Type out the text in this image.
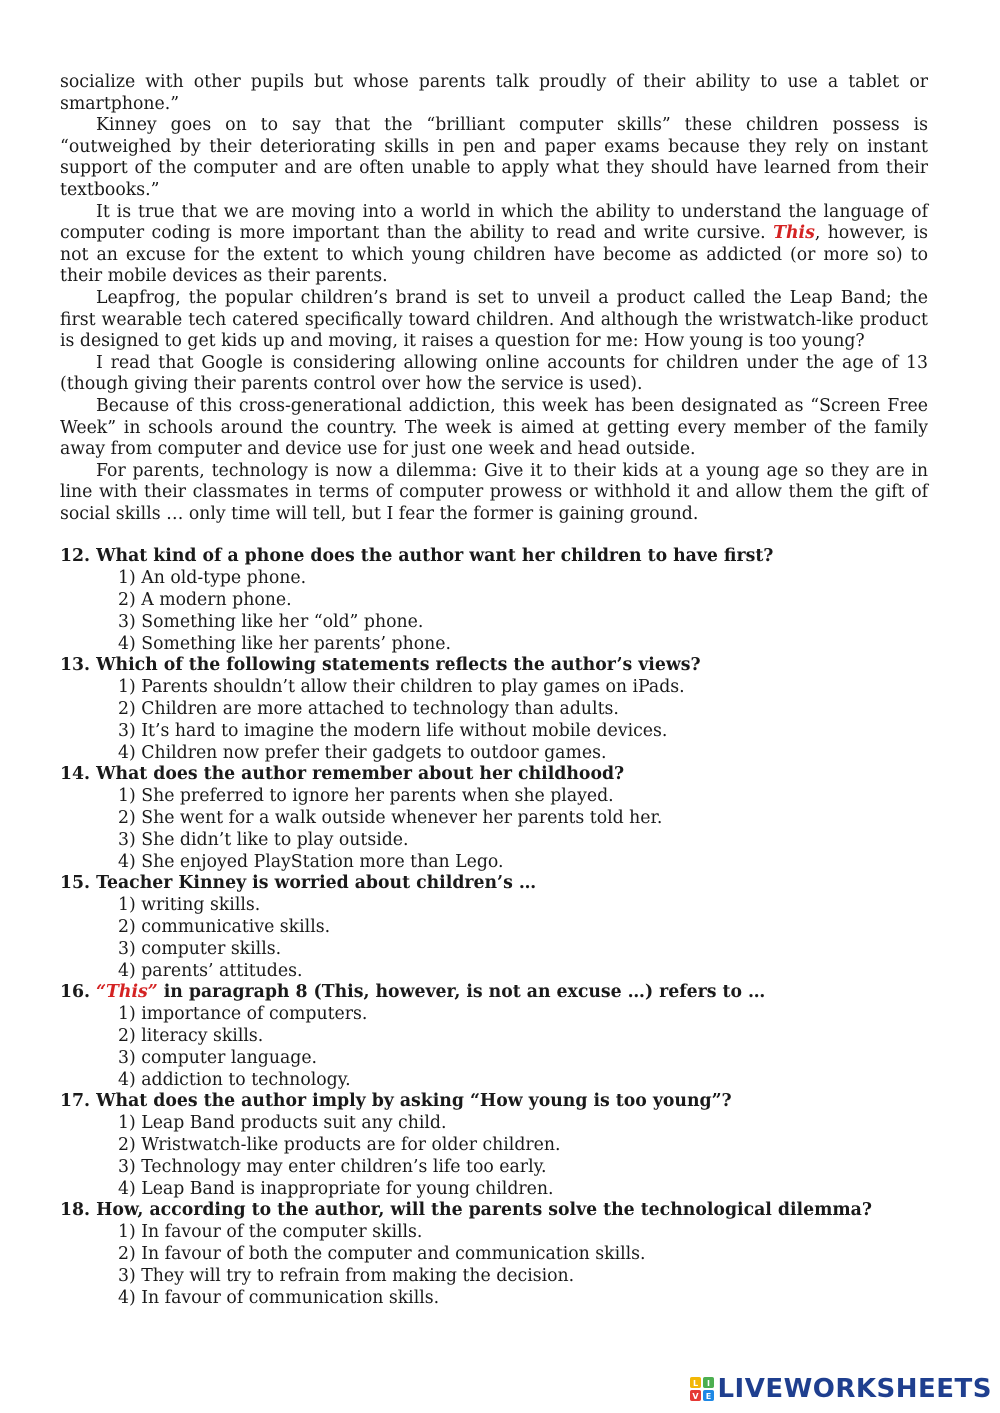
socialize with other pupils but whose parents talk proudly of their ability to use a tablet or smartphone.”

Kinney goes on to say that the “brilliant computer skills” these children possess is “outweighed by their deteriorating skills in pen and paper exams because they rely on instant support of the computer and are often unable to apply what they should have learned from their textbooks.”

It is true that we are moving into a world in which the ability to understand the language of computer coding is more important than the ability to read and write cursive. This, however, is not an excuse for the extent to which young children have become as addicted (or more so) to their mobile devices as their parents.

Leapfrog, the popular children’s brand is set to unveil a product called the Leap Band; the first wearable tech catered specifically toward children. And although the wristwatch-like product is designed to get kids up and moving, it raises a question for me: How young is too young?

I read that Google is considering allowing online accounts for children under the age of 13 (though giving their parents control over how the service is used).

Because of this cross-generational addiction, this week has been designated as “Screen Free Week” in schools around the country. The week is aimed at getting every member of the family away from computer and device use for just one week and head outside.

For parents, technology is now a dilemma: Give it to their kids at a young age so they are in line with their classmates in terms of computer prowess or withhold it and allow them the gift of social skills … only time will tell, but I fear the former is gaining ground.

12. What kind of a phone does the author want her children to have first?

1) An old-type phone.

2) A modern phone.

3) Something like her “old” phone.

4) Something like her parents’ phone.

13. Which of the following statements reflects the author’s views?

1) Parents shouldn’t allow their children to play games on iPads.

2) Children are more attached to technology than adults.

3) It’s hard to imagine the modern life without mobile devices.

4) Children now prefer their gadgets to outdoor games.

14. What does the author remember about her childhood?

1) She preferred to ignore her parents when she played.

2) She went for a walk outside whenever her parents told her.

3) She didn’t like to play outside.

4) She enjoyed PlayStation more than Lego.

15. Teacher Kinney is worried about children’s …

1) writing skills.

2) communicative skills.

3) computer skills.

4) parents’ attitudes.

16. “This” in paragraph 8 (This, however, is not an excuse …) refers to …

1) importance of computers.

2) literacy skills.

3) computer language.

4) addiction to technology.

17. What does the author imply by asking “How young is too young”?

1) Leap Band products suit any child.

2) Wristwatch-like products are for older children.

3) Technology may enter children’s life too early.

4) Leap Band is inappropriate for young children.

18. How, according to the author, will the parents solve the technological dilemma?

1) In favour of the computer skills.

2) In favour of both the computer and communication skills.

3) They will try to refrain from making the decision.

4) In favour of communication skills.

L I
V E LIVEWORKSHEETS
